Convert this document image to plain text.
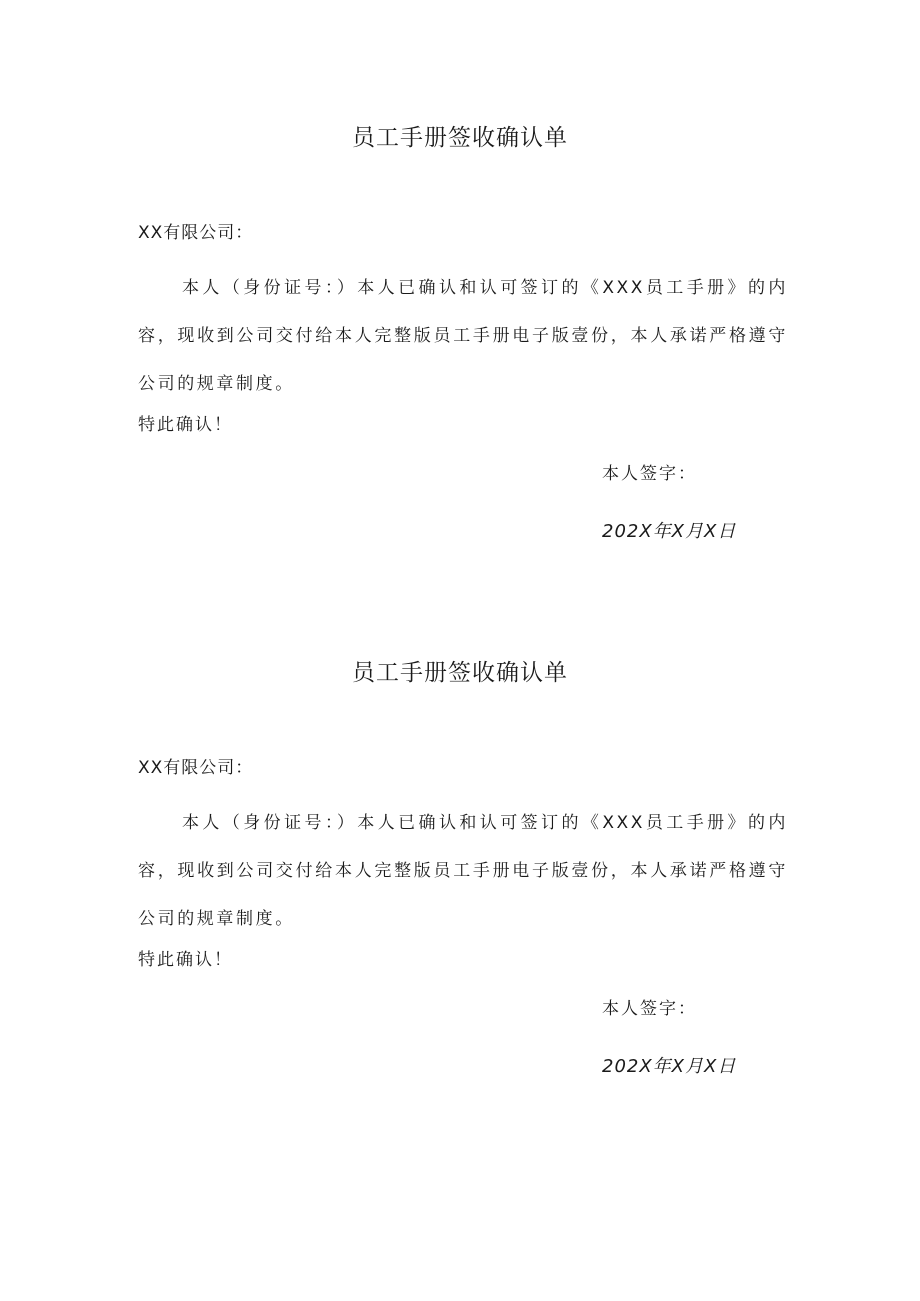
员工手册签收确认单
XX有限公司：

本人（身份证号：）本人已确认和认可签订的《XXX员工手册》的内容，现收到公司交付给本人完整版员工手册电子版壹份，本人承诺严格遵守公司的规章制度。

特此确认！
本人签字：
202X年X月X日
员工手册签收确认单
XX有限公司：

本人（身份证号：）本人已确认和认可签订的《XXX员工手册》的内容，现收到公司交付给本人完整版员工手册电子版壹份，本人承诺严格遵守公司的规章制度。

特此确认！
本人签字：
202X年X月X日
